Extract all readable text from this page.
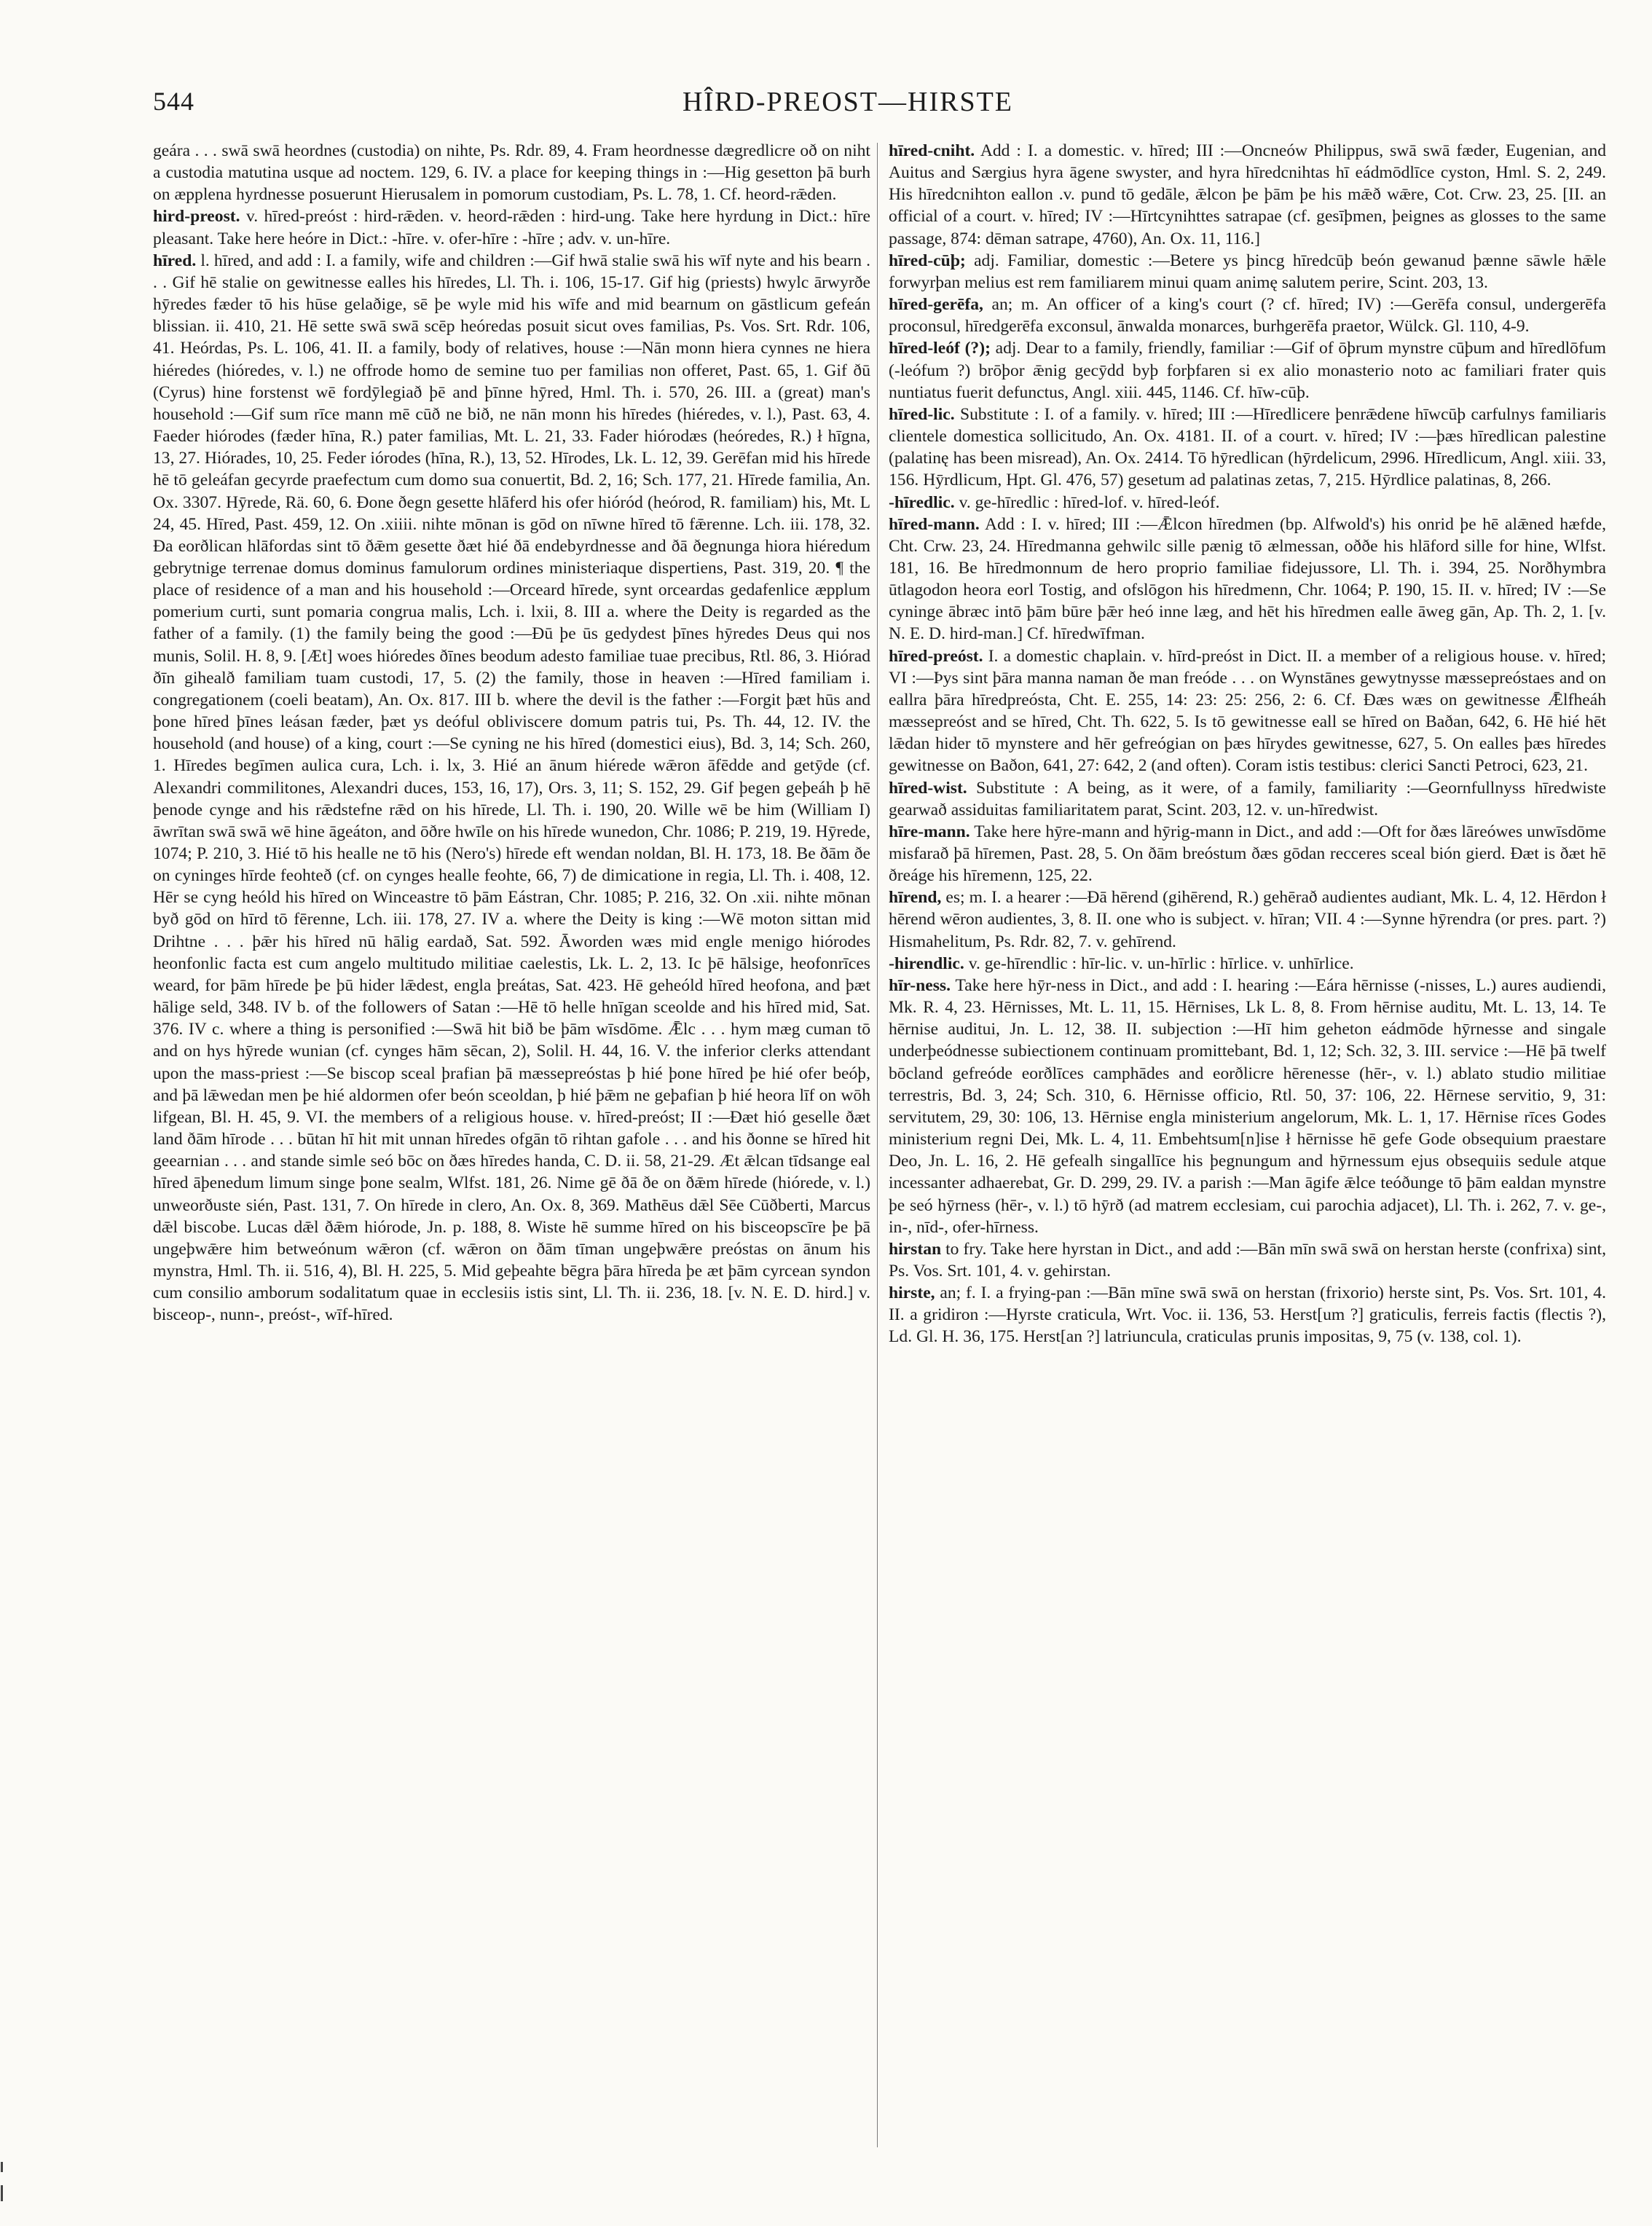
544	HÎRD-PREOST—HIRSTE

geára . . . swā swā heordnes (custodia) on nihte, Ps. Rdr. 89, 4. Fram heordnesse dægredlicre oð on niht a custodia matutina usque ad noctem. 129, 6. IV. a place for keeping things in :—Hig gesetton þā burh on æpplena hyrdnesse posuerunt Hierusalem in pomorum custodiam, Ps. L. 78, 1. Cf. heord-rǣden.

hird-preost. v. hīred-preóst : hird-rǣden. v. heord-rǣden : hird-ung. Take here hyrdung in Dict.: hīre pleasant. Take here heóre in Dict.: -hīre. v. ofer-hīre : -hīre ; adv. v. un-hīre.

hīred. l. hīred, and add : I. a family, wife and children :—Gif hwā stalie swā his wīf nyte and his bearn . . . Gif hē stalie on gewitnesse ealles his hīredes, Ll. Th. i. 106, 15-17. Gif hig (priests) hwylc ārwyrðe hȳredes fæder tō his hūse gelaðige, sē þe wyle mid his wīfe and mid bearnum on gāstlicum gefeán blissian. ii. 410, 21. Hē sette swā swā scēp heóredas posuit sicut oves familias, Ps. Vos. Srt. Rdr. 106, 41. Heórdas, Ps. L. 106, 41. II. a family, body of relatives, house :—Nān monn hiera cynnes ne hiera hiéredes (hióredes, v. l.) ne offrode homo de semine tuo per familias non offeret, Past. 65, 1. Gif ðū (Cyrus) hine forstenst wē fordȳlegiað þē and þīnne hȳred, Hml. Th. i. 570, 26. III. a (great) man's household :—Gif sum rīce mann mē cūð ne bið, ne nān monn his hīredes (hiéredes, v. l.), Past. 63, 4. Faeder hiórodes (fæder hīna, R.) pater familias, Mt. L. 21, 33. Fader hiórodæs (heóredes, R.) ł hīgna, 13, 27. Hiórades, 10, 25. Feder iórodes (hīna, R.), 13, 52. Hīrodes, Lk. L. 12, 39. Gerēfan mid his hīrede hē tō geleáfan gecyrde praefectum cum domo sua conuertit, Bd. 2, 16; Sch. 177, 21. Hīrede familia, An. Ox. 3307. Hȳrede, Rä. 60, 6. Ðone ðegn gesette hlāferd his ofer hióród (heórod, R. familiam) his, Mt. L 24, 45. Hīred, Past. 459, 12. On .xiiii. nihte mōnan is gōd on nīwne hīred tō fǣrenne. Lch. iii. 178, 32. Ða eorðlican hlāfordas sint tō ðǣm gesette ðæt hié ðā endebyrdnesse and ðā ðegnunga hiora hiéredum gebrytnige terrenae domus dominus famulorum ordines ministeriaque dispertiens, Past. 319, 20. ¶ the place of residence of a man and his household :—Orceard hīrede, synt orceardas gedafenlice æpplum pomerium curti, sunt pomaria congrua malis, Lch. i. lxii, 8. III a. where the Deity is regarded as the father of a family. (1) the family being the good :—Ðū þe ūs gedydest þīnes hȳredes Deus qui nos munis, Solil. H. 8, 9. [Æt] woes hióredes ðīnes beodum adesto familiae tuae precibus, Rtl. 86, 3. Hiórad ðīn gihealð familiam tuam custodi, 17, 5. (2) the family, those in heaven :—Hīred familiam i. congregationem (coeli beatam), An. Ox. 817. III b. where the devil is the father :—Forgit þæt hūs and þone hīred þīnes leásan fæder, þæt ys deóful obliviscere domum patris tui, Ps. Th. 44, 12. IV. the household (and house) of a king, court :—Se cyning ne his hīred (domestici eius), Bd. 3, 14; Sch. 260, 1. Hīredes begīmen aulica cura, Lch. i. lx, 3. Hié an ānum hiérede wǣron āfēdde and getȳde (cf. Alexandri commilitones, Alexandri duces, 153, 16, 17), Ors. 3, 11; S. 152, 29. Gif þegen geþeáh þ hē þenode cynge and his rǣdstefne rǣd on his hīrede, Ll. Th. i. 190, 20. Wille wē be him (William I) āwrītan swā swā wē hine āgeáton, and ōðre hwīle on his hīrede wunedon, Chr. 1086; P. 219, 19. Hȳrede, 1074; P. 210, 3. Hié tō his healle ne tō his (Nero's) hīrede eft wendan noldan, Bl. H. 173, 18. Be ðām ðe on cyninges hīrde feohteð (cf. on cynges healle feohte, 66, 7) de dimicatione in regia, Ll. Th. i. 408, 12. Hēr se cyng heóld his hīred on Winceastre tō þām Eástran, Chr. 1085; P. 216, 32. On .xii. nihte mōnan byð gōd on hīrd tō fērenne, Lch. iii. 178, 27. IV a. where the Deity is king :—Wē moton sittan mid Drihtne . . . þǣr his hīred nū hālig eardað, Sat. 592. Āworden wæs mid engle menigo hiórodes heonfonlic facta est cum angelo multitudo militiae caelestis, Lk. L. 2, 13. Ic þē hālsige, heofonrīces weard, for þām hīrede þe þū hider lǣdest, engla þreátas, Sat. 423. Hē geheóld hīred heofona, and þæt hālige seld, 348. IV b. of the followers of Satan :—Hē tō helle hnīgan sceolde and his hīred mid, Sat. 376. IV c. where a thing is personified :—Swā hit bið be þām wīsdōme. Ǣlc . . . hym mæg cuman tō and on hys hȳrede wunian (cf. cynges hām sēcan, 2), Solil. H. 44, 16. V. the inferior clerks attendant upon the mass-priest :—Se biscop sceal þrafian þā mæssepreóstas þ hié þone hīred þe hié ofer beóþ, and þā lǣwedan men þe hié aldormen ofer beón sceoldan, þ hié þǣm ne geþafian þ hié heora līf on wōh lifgean, Bl. H. 45, 9. VI. the members of a religious house. v. hīred-preóst; II :—Ðæt hió geselle ðæt land ðām hīrode . . . būtan hī hit mit unnan hīredes ofgān tō rihtan gafole . . . and his ðonne se hīred hit geearnian . . . and stande simle seó bōc on ðæs hīredes handa, C. D. ii. 58, 21-29. Æt ǣlcan tīdsange eal hīred āþenedum limum singe þone sealm, Wlfst. 181, 26. Nime gē ðā ðe on ðǣm hīrede (hiórede, v. l.) unweorðuste sién, Past. 131, 7. On hīrede in clero, An. Ox. 8, 369. Mathēus dǣl Sēe Cūðberti, Marcus dǣl biscobe. Lucas dǣl ðǣm hiórode, Jn. p. 188, 8. Wiste hē summe hīred on his bisceopscīre þe þā ungeþwǣre him betweónum wǣron (cf. wǣron on ðām tīman ungeþwǣre preóstas on ānum his mynstra, Hml. Th. ii. 516, 4), Bl. H. 225, 5. Mid geþeahte bēgra þāra hīreda þe æt þām cyrcean syndon cum consilio amborum sodalitatum quae in ecclesiis istis sint, Ll. Th. ii. 236, 18. [v. N. E. D. hird.] v. bisceop-, nunn-, preóst-, wīf-hīred.

hīred-cniht. Add : I. a domestic. v. hīred; III :—Oncneów Philippus, swā swā fæder, Eugenian, and Auitus and Særgius hyra āgene swyster, and hyra hīredcnihtas hī eádmōdlīce cyston, Hml. S. 2, 249. His hīredcnihton eallon .v. pund tō gedāle, ǣlcon þe þām þe his mǣð wǣre, Cot. Crw. 23, 25. [II. an official of a court. v. hīred; IV :—Hīrtcynihttes satrapae (cf. gesīþmen, þeignes as glosses to the same passage, 874: dēman satrape, 4760), An. Ox. 11, 116.]

hīred-cūþ; adj. Familiar, domestic :—Betere ys þincg hīredcūþ beón gewanud þænne sāwle hǣle forwyrþan melius est rem familiarem minui quam animę salutem perire, Scint. 203, 13.

hīred-gerēfa, an; m. An officer of a king's court (? cf. hīred; IV) :—Gerēfa consul, undergerēfa proconsul, hīredgerēfa exconsul, ānwalda monarces, burhgerēfa praetor, Wülck. Gl. 110, 4-9.

hīred-leóf (?); adj. Dear to a family, friendly, familiar :—Gif of ōþrum mynstre cūþum and hīredlōfum (-leófum ?) brōþor ǣnig gecȳdd byþ forþfaren si ex alio monasterio noto ac familiari frater quis nuntiatus fuerit defunctus, Angl. xiii. 445, 1146. Cf. hīw-cūþ.

hīred-lic. Substitute : I. of a family. v. hīred; III :—Hīredlicere þenrǣdene hīwcūþ carfulnys familiaris clientele domestica sollicitudo, An. Ox. 4181. II. of a court. v. hīred; IV :—þæs hīredlican palestine (palatinę has been misread), An. Ox. 2414. Tō hȳredlican (hȳrdelicum, 2996. Hīredlicum, Angl. xiii. 33, 156. Hȳrdlicum, Hpt. Gl. 476, 57) gesetum ad palatinas zetas, 7, 215. Hȳrdlice palatinas, 8, 266.

-hīredlic. v. ge-hīredlic : hīred-lof. v. hīred-leóf.

hīred-mann. Add : I. v. hīred; III :—Ǣlcon hīredmen (bp. Alfwold's) his onrid þe hē alǣned hæfde, Cht. Crw. 23, 24. Hīredmanna gehwilc sille pænig tō ælmessan, oððe his hlāford sille for hine, Wlfst. 181, 16. Be hīredmonnum de hero proprio familiae fidejussore, Ll. Th. i. 394, 25. Norðhymbra ūtlagodon heora eorl Tostig, and ofslōgon his hīredmenn, Chr. 1064; P. 190, 15. II. v. hīred; IV :—Se cyninge ābræc intō þām būre þǣr heó inne læg, and hēt his hīredmen ealle āweg gān, Ap. Th. 2, 1. [v. N. E. D. hird-man.] Cf. hīredwīfman.

hīred-preóst. I. a domestic chaplain. v. hīrd-preóst in Dict. II. a member of a religious house. v. hīred; VI :—Þys sint þāra manna naman ðe man freóde . . . on Wynstānes gewytnysse mæssepreóstaes and on eallra þāra hīredpreósta, Cht. E. 255, 14: 23: 25: 256, 2: 6. Cf. Ðæs wæs on gewitnesse Ǣlfheáh mæssepreóst and se hīred, Cht. Th. 622, 5. Is tō gewitnesse eall se hīred on Baðan, 642, 6. Hē hié hēt lǣdan hider tō mynstere and hēr gefreógian on þæs hīrydes gewitnesse, 627, 5. On ealles þæs hīredes gewitnesse on Baðon, 641, 27: 642, 2 (and often). Coram istis testibus: clerici Sancti Petroci, 623, 21.

hīred-wist. Substitute : A being, as it were, of a family, familiarity :—Geornfullnyss hīredwiste gearwað assiduitas familiaritatem parat, Scint. 203, 12. v. un-hīredwist.

hīre-mann. Take here hȳre-mann and hȳrig-mann in Dict., and add :—Oft for ðæs lāreówes unwīsdōme misfarað þā hīremen, Past. 28, 5. On ðām breóstum ðæs gōdan recceres sceal bión gierd. Ðæt is ðæt hē ðreáge his hīremenn, 125, 22.

hīrend, es; m. I. a hearer :—Ðā hērend (gihērend, R.) gehērað audientes audiant, Mk. L. 4, 12. Hērdon ł hērend wēron audientes, 3, 8. II. one who is subject. v. hīran; VII. 4 :—Synne hȳrendra (or pres. part. ?) Hismahelitum, Ps. Rdr. 82, 7. v. gehīrend.

-hirendlic. v. ge-hīrendlic : hīr-lic. v. un-hīrlic : hīrlice. v. unhīrlice.

hīr-ness. Take here hȳr-ness in Dict., and add : I. hearing :—Eára hērnisse (-nisses, L.) aures audiendi, Mk. R. 4, 23. Hērnisses, Mt. L. 11, 15. Hērnises, Lk L. 8, 8. From hērnise auditu, Mt. L. 13, 14. Te hērnise auditui, Jn. L. 12, 38. II. subjection :—Hī him geheton eádmōde hȳrnesse and singale underþeódnesse subiectionem continuam promittebant, Bd. 1, 12; Sch. 32, 3. III. service :—Hē þā twelf bōcland gefreóde eorðlīces camphādes and eorðlicre hērenesse (hēr-, v. l.) ablato studio militiae terrestris, Bd. 3, 24; Sch. 310, 6. Hērnisse officio, Rtl. 50, 37: 106, 22. Hērnese servitio, 9, 31: servitutem, 29, 30: 106, 13. Hērnise engla ministerium angelorum, Mk. L. 1, 17. Hērnise rīces Godes ministerium regni Dei, Mk. L. 4, 11. Embehtsum[n]ise ł hērnisse hē gefe Gode obsequium praestare Deo, Jn. L. 16, 2. Hē gefealh singallīce his þegnungum and hȳrnessum ejus obsequiis sedule atque incessanter adhaerebat, Gr. D. 299, 29. IV. a parish :—Man āgife ǣlce teóðunge tō þām ealdan mynstre þe seó hȳrness (hēr-, v. l.) tō hȳrð (ad matrem ecclesiam, cui parochia adjacet), Ll. Th. i. 262, 7. v. ge-, in-, nīd-, ofer-hīrness.

hirstan to fry. Take here hyrstan in Dict., and add :—Bān mīn swā swā on herstan herste (confrixa) sint, Ps. Vos. Srt. 101, 4. v. gehirstan.

hirste, an; f. I. a frying-pan :—Bān mīne swā swā on herstan (frixorio) herste sint, Ps. Vos. Srt. 101, 4. II. a gridiron :—Hyrste craticula, Wrt. Voc. ii. 136, 53. Herst[um ?] graticulis, ferreis factis (flectis ?), Ld. Gl. H. 36, 175. Herst[an ?] latriuncula, craticulas prunis impositas, 9, 75 (v. 138, col. 1).
